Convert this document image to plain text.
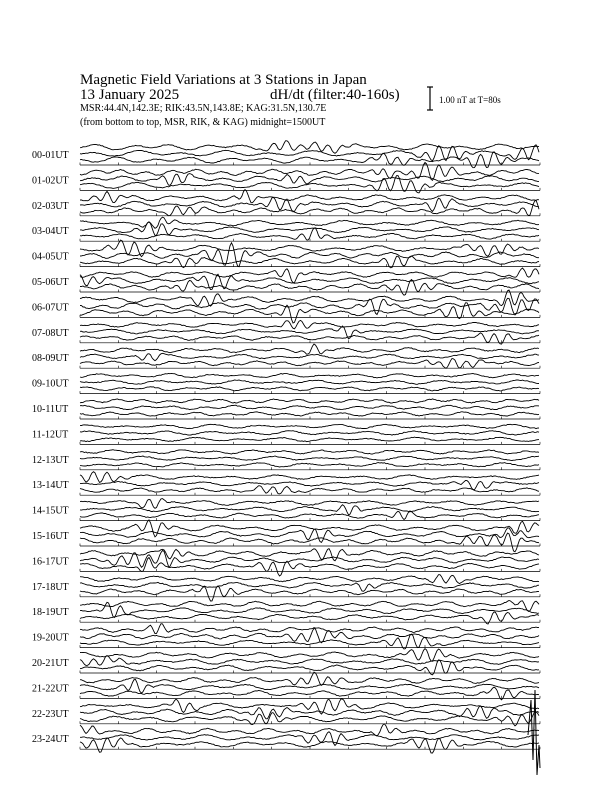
Magnetic Field Variations at 3 Stations in Japan
13 January 2025	dH/dt (filter:40-160s)
MSR:44.4N,142.3E; RIK:43.5N,143.8E; KAG:31.5N,130.7E
(from bottom to top, MSR, RIK, & KAG) midnight=1500UT
1.00 nT at T=80s
00-01UT
01-02UT
02-03UT
03-04UT
04-05UT
05-06UT
06-07UT
07-08UT
08-09UT
09-10UT
10-11UT
11-12UT
12-13UT
13-14UT
14-15UT
15-16UT
16-17UT
17-18UT
18-19UT
19-20UT
20-21UT
21-22UT
22-23UT
23-24UT
